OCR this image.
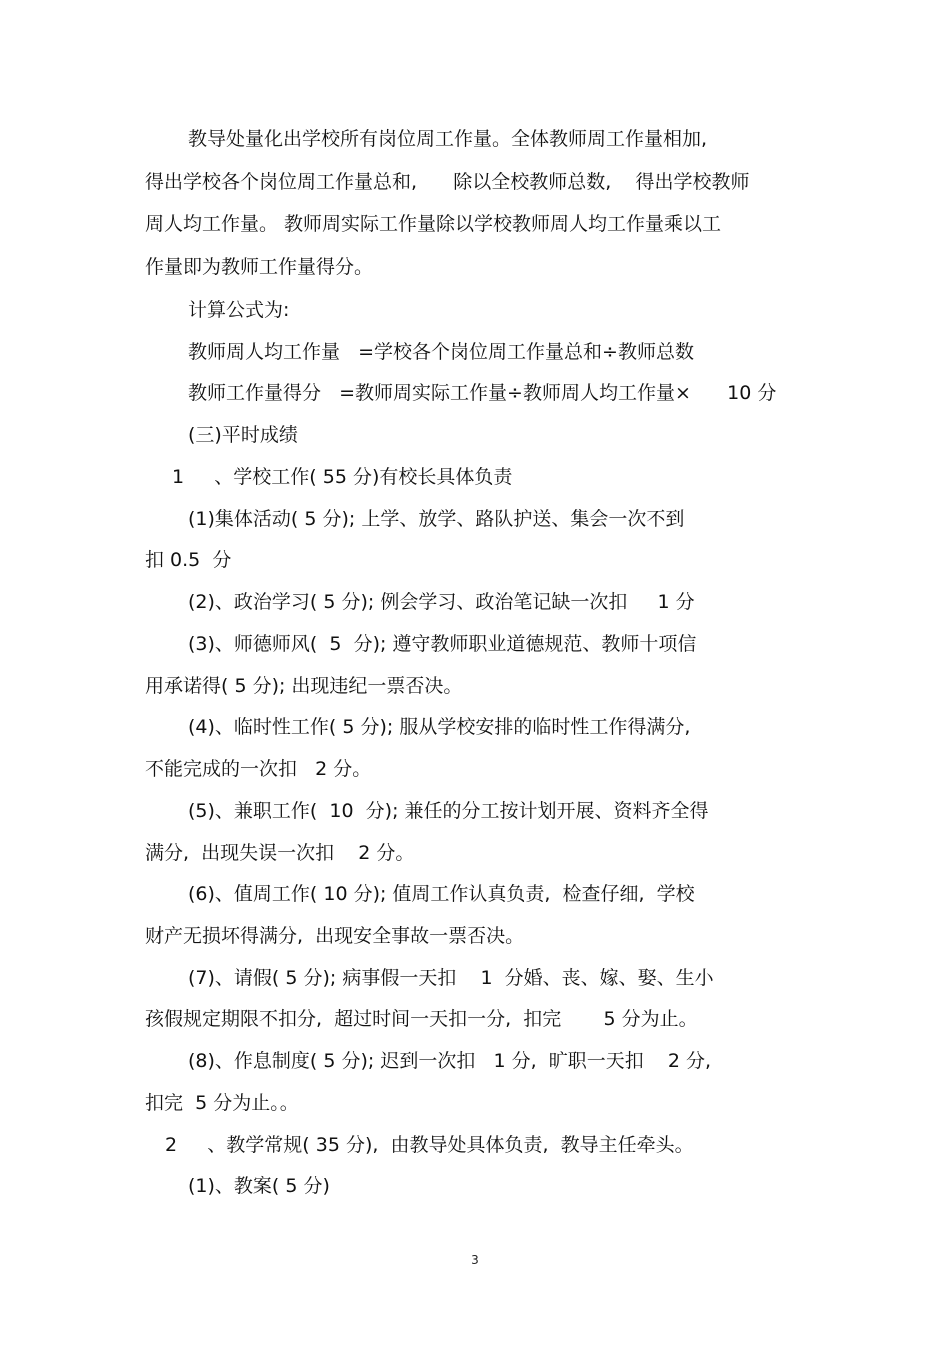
教导处量化出学校所有岗位周工作量。全体教师周工作量相加,

得出学校各个岗位周工作量总和,      除以全校教师总数,    得出学校教师

周人均工作量。 教师周实际工作量除以学校教师周人均工作量乘以工

作量即为教师工作量得分。

计算公式为:

教师周人均工作量   =学校各个岗位周工作量总和÷教师总数

教师工作量得分   =教师周实际工作量÷教师周人均工作量×      10 分

(三)平时成绩

1     、学校工作( 55 分)有校长具体负责

(1)集体活动( 5 分); 上学、放学、路队护送、集会一次不到

扣 0.5  分

(2)、政治学习( 5 分); 例会学习、政治笔记缺一次扣     1 分

(3)、师德师风(  5  分); 遵守教师职业道德规范、教师十项信

用承诺得( 5 分); 出现违纪一票否决。

(4)、临时性工作( 5 分); 服从学校安排的临时性工作得满分,

不能完成的一次扣   2 分。

(5)、兼职工作(  10  分); 兼任的分工按计划开展、资料齐全得

满分,  出现失误一次扣    2 分。

(6)、值周工作( 10 分); 值周工作认真负责,  检查仔细,  学校

财产无损坏得满分,  出现安全事故一票否决。

(7)、请假( 5 分); 病事假一天扣    1  分婚、丧、嫁、娶、生小

孩假规定期限不扣分,  超过时间一天扣一分,  扣完       5 分为止。

(8)、作息制度( 5 分); 迟到一次扣   1 分,  旷职一天扣    2 分,

扣完  5 分为止。。

2     、教学常规( 35 分),  由教导处具体负责,  教导主任牵头。

(1)、教案( 5 分)

3
